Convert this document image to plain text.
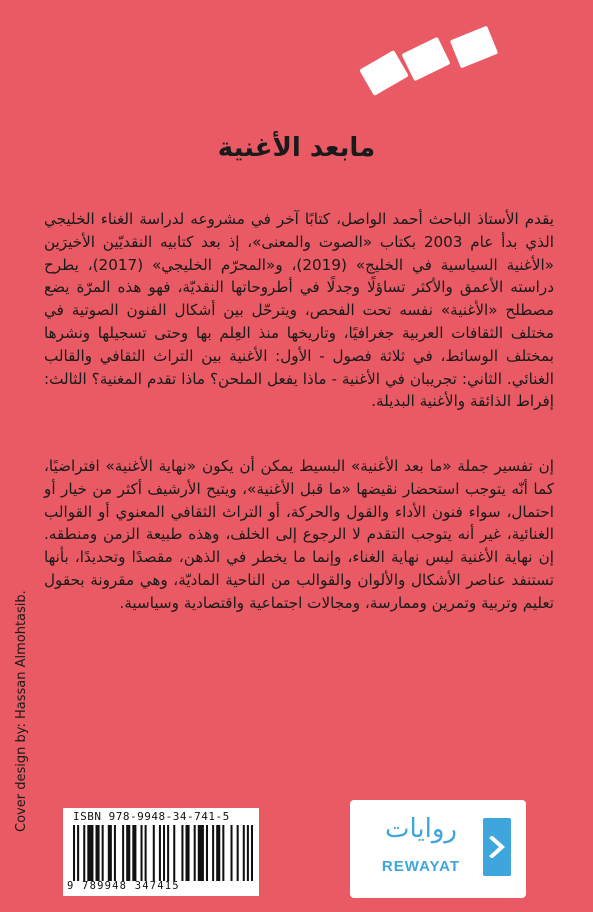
مابعد الأغنية

يقدم الأستاذ الباحث أحمد الواصل، كتابًا آخر في مشروعه لدراسة الغناء الخليجي الذي بدأ عام 2003 بكتاب «الصوت والمعنى»، إذ بعد كتابيه النقديّين الأخيرَين «الأغنية السياسية في الخليج» (2019)، و«المحرّم الخليجي» (2017)، يطرح دراسته الأعمق والأكثر تساؤلًا وجدلًا في أطروحاتها النقديّة، فهو هذه المرّة يضع مصطلح «الأغنية» نفسه تحت الفحص، ويترحّل بين أشكال الفنون الصوتية في مختلف الثقافات العربية جغرافيًا، وتاريخها منذ العِلم بها وحتى تسجيلها ونشرها بمختلف الوسائط، في ثلاثة فصول - الأول: الأغنية بين التراث الثقافي والقالب الغنائي. الثاني: تجريبان في الأغنية - ماذا يفعل الملحن؟ ماذا تقدم المغنية؟ الثالث: إفراط الذائقة والأغنية البديلة.

إن تفسير جملة «ما بعد الأغنية» البسيط يمكن أن يكون «نهاية الأغنية» افتراضيًا، كما أنّه يتوجب استحضار نقيضها «ما قبل الأغنية»، ويتيح الأرشيف أكثر من خيار أو احتمال، سواء فنون الأداء والقول والحركة، أو التراث الثقافي المعنوي أو القوالب الغنائية، غير أنه يتوجب التقدم لا الرجوع إلى الخلف، وهذه طبيعة الزمن ومنطقه. إن نهاية الأغنية ليس نهاية الغناء، وإنما ما يخطر في الذهن، مقصدًا وتحديدًا، بأنها تستنفد عناصر الأشكال والألوان والقوالب من الناحية الماديّة، وهي مقرونة بحقول تعليم وتربية وتمرين وممارسة، ومجالات اجتماعية واقتصادية وسياسية.

Cover design by: Hassan Almohtasib.	ISBN 978-9948-34-741-5
9 789948 347415
روايات
REWAYAT
